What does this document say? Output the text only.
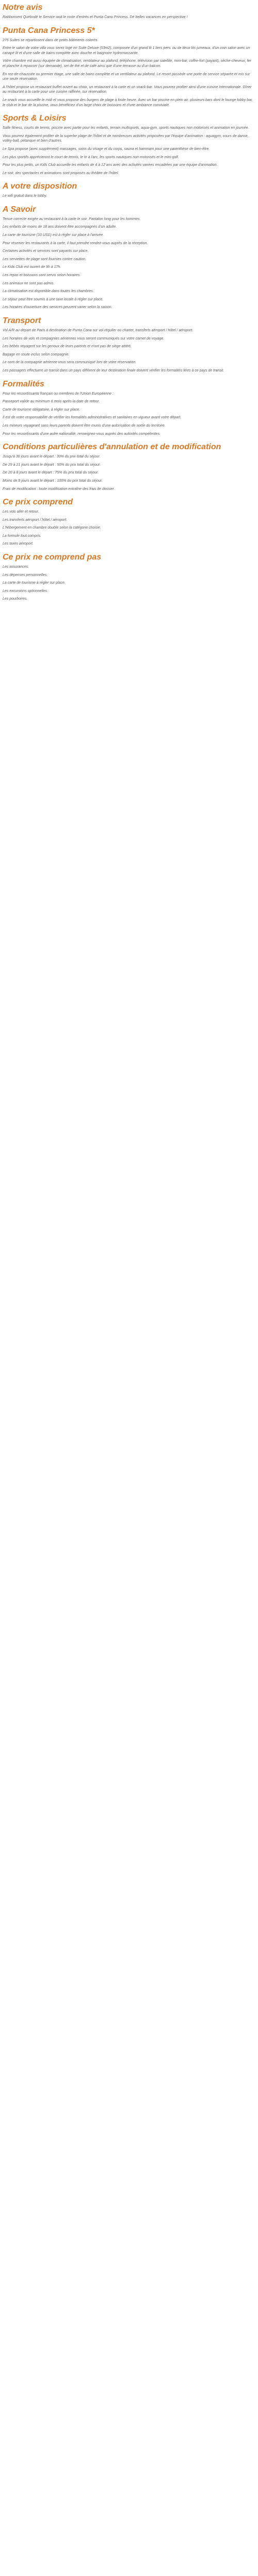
Notre avis

Rabbonsent Québodé le Service woit le roste d'entrés et Punta Cano Princess. Dé belles vacances en perspective !

Punta Cana Princess 5*

275 Suites se répartissent dans de petits bâtiments colorés.

Entre le salon de votre villa vous serez logé en Suite Deluxe (53m2), composée d'un grand lit 1 tiers pers. ou de deux lits jumeaux, d'un coin salon avec un canapé lit et d'une salle de bains complète avec douche et baignoire hydromassante.

Votre chambre est aussi équipée de climatisation, ventilateur au plafond, téléphone, télévision par satellite, mini-bar, coffre-fort (payant), sèche-cheveux, fer et planche à repasser (sur demande), set de thé et de café ainsi que d'une terrasse ou d'un balcon.

En rez-de-chaussée ou premier étage, une salle de bains complète et un ventilateur au plafond. Le resort possède une porte de service séparée et mis sur une seule réservation.

A l'hôtel propose un restaurant buffet ouvert au choix, un restaurant à la carte et un snack-bar. Vous pourrez profiter ainsi d'une cuisine internationale. Dîner au restaurant à la carte pour une cuisine raffinée, sur réservation.

Le snack vous accueille le midi et vous propose des burgers de plage à toute heure. Avec un bar piscine en plein air, plusieurs bars dont le lounge lobby bar, le club et le bar de la piscine, vous bénéficiez d'un large choix de boissons et d'une ambiance conviviale.

Sports & Loisirs

Salle fitness, courts de tennis, piscine avec partie pour les enfants, terrain multisports, aqua-gym, sports nautiques non motorisés et animation en journée.

Vous pourrez également profiter de la superbe plage de l'hôtel et de nombreuses activités proposées par l'équipe d'animation : aquagym, cours de danse, volley-ball, pétanque et bien d'autres.

Le Spa propose (avec supplément) massages, soins du visage et du corps, sauna et hammam pour une parenthèse de bien-être.

Les plus sportifs apprécieront le court de tennis, le tir à l'arc, les sports nautiques non motorisés et le mini-golf.

Pour les plus petits, un Kids Club accueille les enfants de 4 à 12 ans avec des activités variées encadrées par une équipe d'animation.

Le soir, des spectacles et animations sont proposés au théâtre de l'hôtel.

A votre disposition

Le wifi gratuit dans le lobby.

A Savoir

Tenue correcte exigée au restaurant à la carte le soir. Pantalon long pour les hommes.

Les enfants de moins de 18 ans doivent être accompagnés d'un adulte.

La carte de tourisme (10 USD) est à régler sur place à l'arrivée.

Pour réserver les restaurants à la carte, il faut prendre rendez-vous auprès de la réception.

Certaines activités et services sont payants sur place.

Les serviettes de plage sont fournies contre caution.

Le Kids Club est ouvert de 9h à 17h.

Les repas et boissons sont servis selon horaires.

Les animaux ne sont pas admis.

La climatisation est disponible dans toutes les chambres.

Le séjour peut être soumis à une taxe locale à régler sur place.

Les horaires d'ouverture des services peuvent varier selon la saison.

Transport

Vol A/R au départ de Paris à destination de Punta Cana sur vol régulier ou charter, transferts aéroport / hôtel / aéroport.

Les horaires de vols et compagnies aériennes vous seront communiqués sur votre carnet de voyage.

Les bébés voyagent sur les genoux de leurs parents et n'ont pas de siège attitré.

Bagage en soute inclus selon compagnie.

Le nom de la compagnie aérienne vous sera communiqué lors de votre réservation.

Les passagers effectuent un transit dans un pays différent de leur destination finale doivent vérifier les formalités liées à ce pays de transit.

Formalités

Pour les ressortissants français ou membres de l'Union Européenne :

Passeport valide au minimum 6 mois après la date de retour.

Carte de tourisme obligatoire, à régler sur place.

Il est de votre responsabilité de vérifier les formalités administratives et sanitaires en vigueur avant votre départ.

Les mineurs voyageant sans leurs parents doivent être munis d'une autorisation de sortie du territoire.

Pour les ressortissants d'une autre nationalité, renseignez-vous auprès des autorités compétentes.

Conditions particulières d'annulation et de modification

Jusqu'à 30 jours avant le départ : 30% du prix total du séjour.

De 29 à 21 jours avant le départ : 50% du prix total du séjour.

De 20 à 8 jours avant le départ : 75% du prix total du séjour.

Moins de 8 jours avant le départ : 100% du prix total du séjour.

Frais de modification : toute modification entraîne des frais de dossier.

Ce prix comprend

Les vols aller et retour.

Les transferts aéroport / hôtel / aéroport.

L'hébergement en chambre double selon la catégorie choisie.

La formule tout compris.

Les taxes aéroport.

Ce prix ne comprend pas

Les assurances.

Les dépenses personnelles.

La carte de tourisme à régler sur place.

Les excursions optionnelles.

Les pourboires.
